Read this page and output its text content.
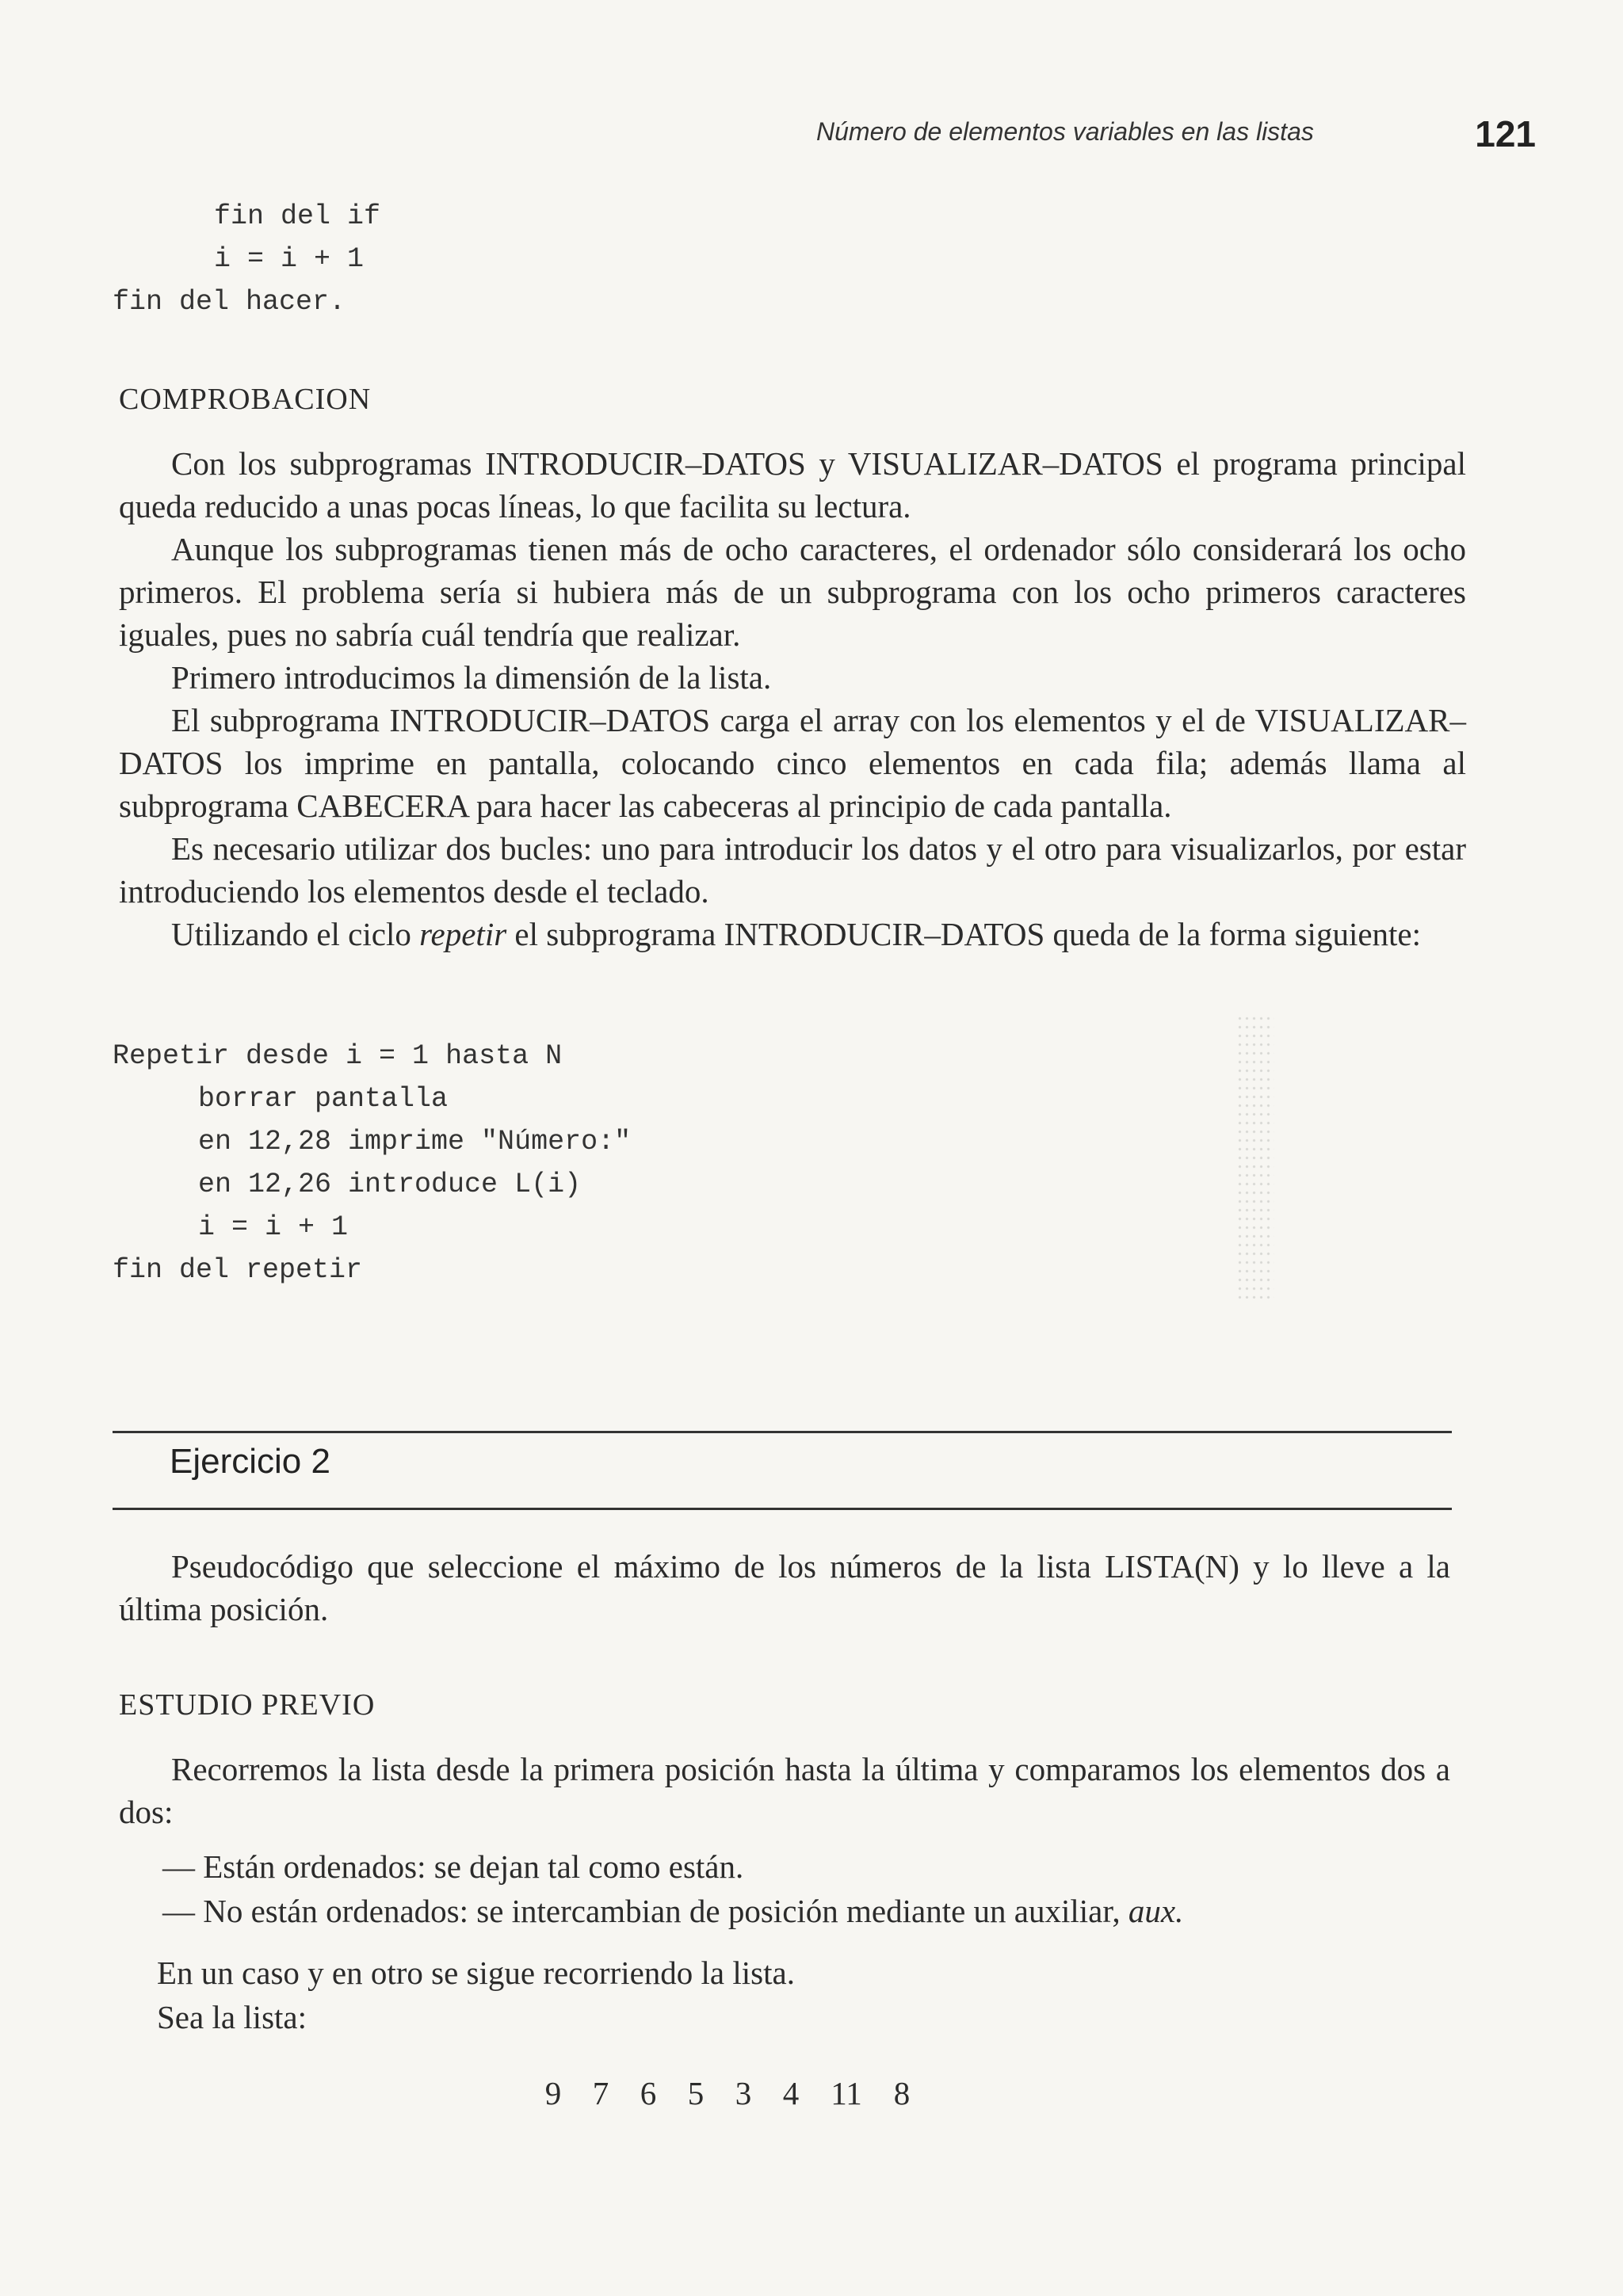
Número de elementos variables en las listas	121
fin del if
i = i + 1
fin del hacer.
COMPROBACION

Con los subprogramas INTRODUCIR–DATOS y VISUALIZAR–DATOS el programa principal queda reducido a unas pocas líneas, lo que facilita su lectura.

Aunque los subprogramas tienen más de ocho caracteres, el ordenador sólo considerará los ocho primeros. El problema sería si hubiera más de un subprograma con los ocho primeros caracteres iguales, pues no sabría cuál tendría que realizar.

Primero introducimos la dimensión de la lista.

El subprograma INTRODUCIR–DATOS carga el array con los elementos y el de VISUALIZAR–DATOS los imprime en pantalla, colocando cinco elementos en cada fila; además llama al subprograma CABECERA para hacer las cabeceras al principio de cada pantalla.

Es necesario utilizar dos bucles: uno para introducir los datos y el otro para visualizarlos, por estar introduciendo los elementos desde el teclado.

Utilizando el ciclo repetir el subprograma INTRODUCIR–DATOS queda de la forma siguiente:

Repetir desde i = 1 hasta N
borrar pantalla
en 12,28 imprime "Número:"
en 12,26 introduce L(i)
i = i + 1
fin del repetir
Ejercicio 2

Pseudocódigo que seleccione el máximo de los números de la lista LISTA(N) y lo lleve a la última posición.

ESTUDIO PREVIO

Recorremos la lista desde la primera posición hasta la última y comparamos los elementos dos a dos:

— Están ordenados: se dejan tal como están.
— No están ordenados: se intercambian de posición mediante un auxiliar, aux.
En un caso y en otro se sigue recorriendo la lista.
Sea la lista:
9 7 6 5 3 4 11 8
